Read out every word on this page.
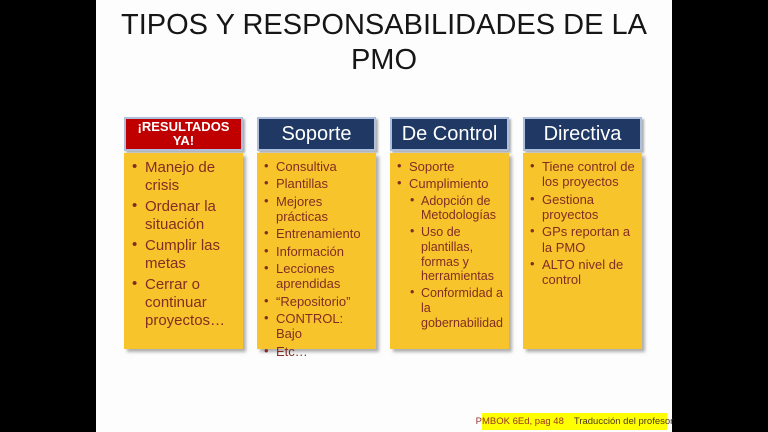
TIPOS Y RESPONSABILIDADES DE LA PMO
¡RESULTADOS YA!
• Manejo de crisis
• Ordenar la situación
• Cumplir las metas
• Cerrar o continuar proyectos…
Soporte
• Consultiva
• Plantillas
• Mejores prácticas
• Entrenamiento
• Información
• Lecciones aprendidas
• “Repositorio”
• CONTROL: Bajo
• Etc…
De Control
• Soporte
• Cumplimiento
• Adopción de Metodologías
• Uso de plantillas, formas y herramientas
• Conformidad a la gobernabilidad
Directiva
• Tiene control de los proyectos
• Gestiona proyectos
• GPs reportan a la PMO
• ALTO nivel de control
PMBOK 6Ed, pag 48 Traducción del profesor
